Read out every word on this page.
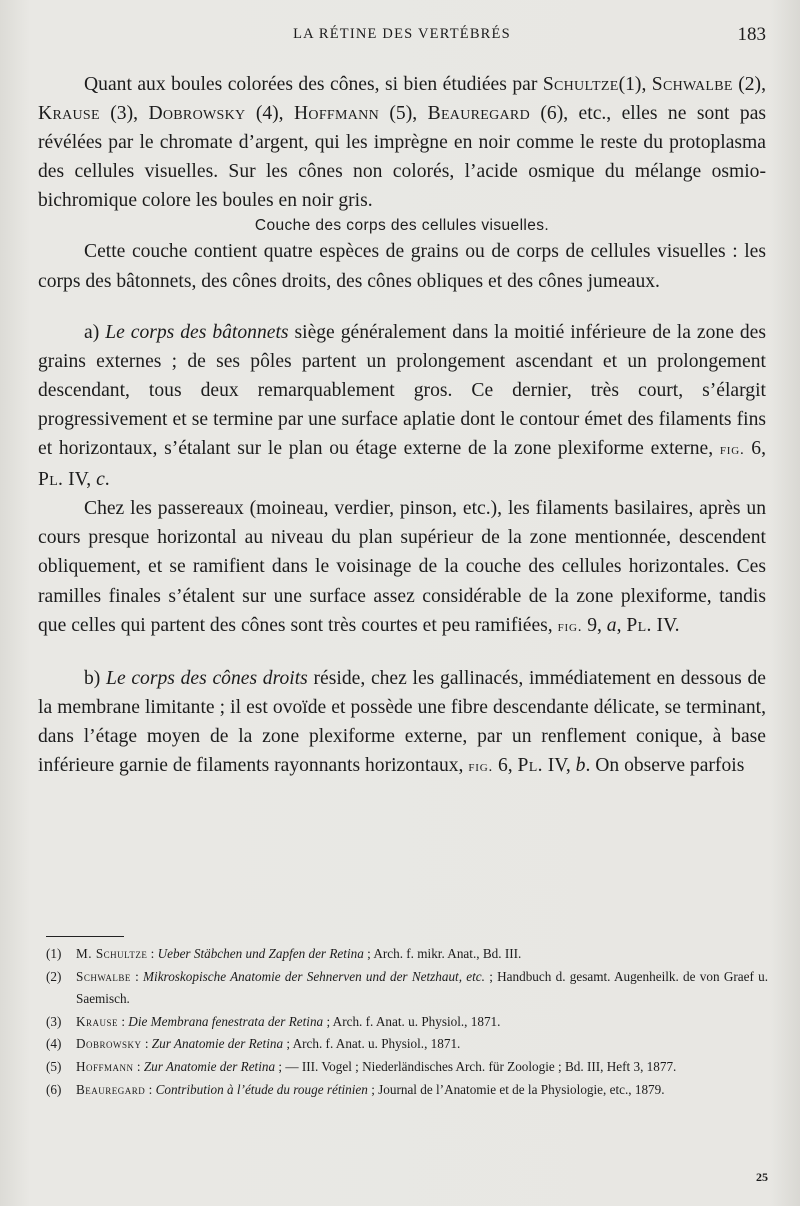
LA RÉTINE DES VERTÉBRÉS	183

Quant aux boules colorées des cônes, si bien étudiées par Schultze(1), Schwalbe (2), Krause (3), Dobrowsky (4), Hoffmann (5), Beauregard (6), etc., elles ne sont pas révélées par le chromate d’argent, qui les imprègne en noir comme le reste du protoplasma des cellules visuelles. Sur les cônes non colorés, l’acide osmique du mélange osmio-bichromique colore les boules en noir gris.

Couche des corps des cellules visuelles.

Cette couche contient quatre espèces de grains ou de corps de cellules visuelles : les corps des bâtonnets, des cônes droits, des cônes obliques et des cônes jumeaux.

a) Le corps des bâtonnets siège généralement dans la moitié inférieure de la zone des grains externes ; de ses pôles partent un prolongement ascendant et un prolongement descendant, tous deux remarquablement gros. Ce dernier, très court, s’élargit progressivement et se termine par une surface aplatie dont le contour émet des filaments fins et horizontaux, s’étalant sur le plan ou étage externe de la zone plexiforme externe, fig. 6, Pl. IV, c.

Chez les passereaux (moineau, verdier, pinson, etc.), les filaments basilaires, après un cours presque horizontal au niveau du plan supérieur de la zone mentionnée, descendent obliquement, et se ramifient dans le voisinage de la couche des cellules horizontales. Ces ramilles finales s’étalent sur une surface assez considérable de la zone plexiforme, tandis que celles qui partent des cônes sont très courtes et peu ramifiées, fig. 9, a, Pl. IV.

b) Le corps des cônes droits réside, chez les gallinacés, immédiatement en dessous de la membrane limitante ; il est ovoïde et possède une fibre descendante délicate, se terminant, dans l’étage moyen de la zone plexiforme externe, par un renflement conique, à base inférieure garnie de filaments rayonnants horizontaux, fig. 6, Pl. IV, b. On observe parfois

(1) M. Schultze : Ueber Stäbchen und Zapfen der Retina ; Arch. f. mikr. Anat., Bd. III.

(2) Schwalbe : Mikroskopische Anatomie der Sehnerven und der Netzhaut, etc. ; Handbuch d. gesamt. Augenheilk. de von Graef u. Saemisch.

(3) Krause : Die Membrana fenestrata der Retina ; Arch. f. Anat. u. Physiol., 1871.

(4) Dobrowsky : Zur Anatomie der Retina ; Arch. f. Anat. u. Physiol., 1871.

(5) Hoffmann : Zur Anatomie der Retina ; — III. Vogel ; Niederländisches Arch. für Zoologie ; Bd. III, Heft 3, 1877.

(6) Beauregard : Contribution à l’étude du rouge rétinien ; Journal de l’Anatomie et de la Physiologie, etc., 1879.

25
